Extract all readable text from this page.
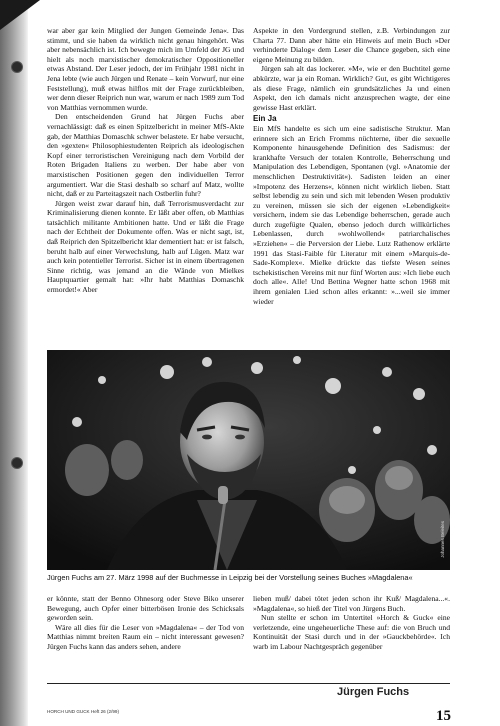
war aber gar kein Mitglied der Jungen Gemeinde Jena«. Das stimmt, und sie haben da wirklich nicht genau hingehört. Was aber nebensächlich ist. Ich bewegte mich im Umfeld der JG und hielt als noch marxistischer demokratischer Oppositioneller etwas Abstand. Der Leser jedoch, der im Frühjahr 1981 nicht in Jena lebte (wie auch Jürgen und Renate – kein Vorwurf, nur eine Feststellung), muß etwas hilflos mit der Frage zurückbleiben, wer denn dieser Reiprich nun war, warum er nach 1989 zum Tod von Matthias vernommen wurde.

Den entscheidenden Grund hat Jürgen Fuchs aber vernachlässigt: daß es einen Spitzelbericht in meiner MfS-Akte gab, der Matthias Domaschk schwer belastete. Er habe versucht, den »gexten« Philosophiestudenten Reiprich als ideologischen Kopf einer terroristischen Vereinigung nach dem Vorbild der Roten Brigaden Italiens zu werben. Der habe aber von marxistischen Positionen gegen den individuellen Terror argumentiert. War die Stasi deshalb so scharf auf Matz, wollte nicht, daß er zu Parteitagszeit nach Ostberlin fuhr?

Jürgen weist zwar darauf hin, daß Terrorismusverdacht zur Kriminalisierung dienen konnte. Er läßt aber offen, ob Matthias tatsächlich militante Ambitionen hatte. Und er läßt die Frage nach der Echtheit der Dokumente offen. Was er nicht sagt, ist, daß Reiprich den Spitzelbericht klar dementiert hat: er ist falsch, beruht halb auf einer Verwechslung, halb auf Lügen. Matz war auch kein potentieller Terrorist. Sicher ist in einem übertragenen Sinne richtig, was jemand an die Wände von Mielkes Hauptquartier gemalt hat: »Ihr habt Matthias Domaschk ermordet!« Aber

Aspekte in den Vordergrund stellen, z.B. Verbindungen zur Charta 77. Dann aber hätte ein Hinweis auf mein Buch »Der verhinderte Dialog« dem Leser die Chance gegeben, sich eine eigene Meinung zu bilden.

Jürgen sah alt das lockerer. »M«, wie er den Buchtitel gerne abkürzte, war ja ein Roman. Wirklich? Gut, es gibt Wichtigeres als diese Frage, nämlich ein grundsätzliches Ja und einen Aspekt, den ich damals nicht anzusprechen wagte, der eine gewisse Hast erklärt.

Ein Ja

Ein MfS handelte es sich um eine sadistische Struktur. Man erinnere sich an Erich Fromms nüchterne, über die sexuelle Komponente hinausgehende Definition des Sadismus: der krankhafte Versuch der totalen Kontrolle, Beherrschung und Manipulation des Lebendigen, Spontanen (vgl. »Anatomie der menschlichen Destruktivität«). Sadisten leiden an einer »Impotenz des Herzens«, können nicht wirklich lieben. Statt selbst lebendig zu sein und sich mit lebenden Wesen produktiv zu vereinen, müssen sie sich der eigenen »Lebendigkeit« versichern, indem sie das Lebendige beherrschen, gerade auch durch zugefügte Qualen, ebenso jedoch durch willkürliches Lebenlassen, durch »wohlwollend« patriarchalisches »Erziehen« – die Perversion der Liebe. Lutz Rathenow erklärte 1991 das Stasi-Faible für Literatur mit einem »Marquis-de-Sade-Komplex«. Mielke drückte das tiefste Wesen seines tschekistischen Vereins mit nur fünf Worten aus: »Ich liebe euch doch alle«. Alle! Und Bettina Wegner hatte schon 1968 mit ihrem genialen Lied schon alles erkannt: »...weil sie immer wieder

Johannes Beleites
Jürgen Fuchs am 27. März 1998 auf der Buchmesse in Leipzig bei der Vorstellung seines Buches »Magdalena«

er könnte, statt der Benno Ohnesorg oder Steve Biko unserer Bewegung, auch Opfer einer bitterbösen Ironie des Schicksals geworden sein.

Wäre all dies für die Leser von »Magdalena« – der Tod von Matthias nimmt breiten Raum ein – nicht interessant gewesen? Jürgen Fuchs kann das anders sehen, andere

lieben muß/ dabei tötet jeden schon ihr Kuß/ Magdalena...«. »Magdalena«, so hieß der Titel von Jürgens Buch.

Nun stellte er schon im Untertitel »Horch & Guck« eine verletzende, eine ungeheuerliche These auf: die von Bruch und Kontinuität der Stasi durch und in der »Gauckbehörde«. Ich warb im Labour Nachtgespräch gegenüber

Jürgen Fuchs
HORCH UND GUCK Heft 26 (2/99)	15
